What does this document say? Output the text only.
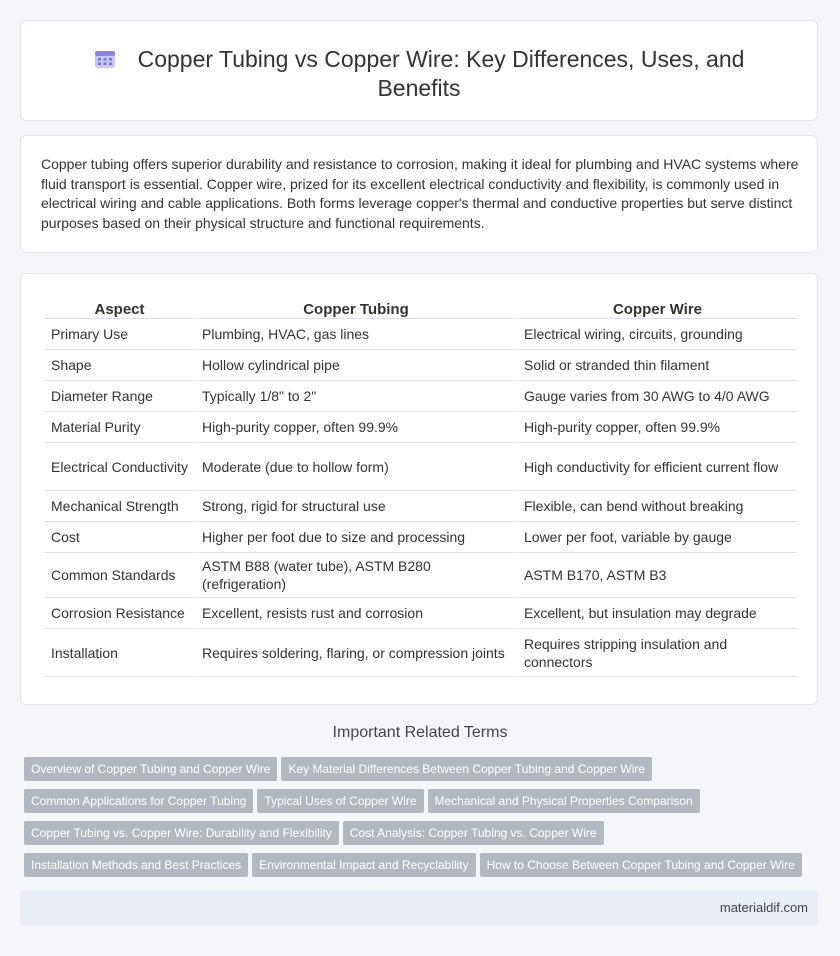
Copper Tubing vs Copper Wire: Key Differences, Uses, and Benefits
Copper tubing offers superior durability and resistance to corrosion, making it ideal for plumbing and HVAC systems where fluid transport is essential. Copper wire, prized for its excellent electrical conductivity and flexibility, is commonly used in electrical wiring and cable applications. Both forms leverage copper's thermal and conductive properties but serve distinct purposes based on their physical structure and functional requirements.
Aspect	Copper Tubing	Copper Wire
Primary Use	Plumbing, HVAC, gas lines	Electrical wiring, circuits, grounding
Shape	Hollow cylindrical pipe	Solid or stranded thin filament
Diameter Range	Typically 1/8" to 2"	Gauge varies from 30 AWG to 4/0 AWG
Material Purity	High-purity copper, often 99.9%	High-purity copper, often 99.9%
Electrical Conductivity	Moderate (due to hollow form)	High conductivity for efficient current flow
Mechanical Strength	Strong, rigid for structural use	Flexible, can bend without breaking
Cost	Higher per foot due to size and processing	Lower per foot, variable by gauge
Common Standards	ASTM B88 (water tube), ASTM B280 (refrigeration)	ASTM B170, ASTM B3
Corrosion Resistance	Excellent, resists rust and corrosion	Excellent, but insulation may degrade
Installation	Requires soldering, flaring, or compression joints	Requires stripping insulation and connectors
Important Related Terms
Overview of Copper Tubing and Copper Wire Key Material Differences Between Copper Tubing and Copper Wire
Common Applications for Copper Tubing Typical Uses of Copper Wire Mechanical and Physical Properties Comparison
Copper Tubing vs. Copper Wire: Durability and Flexibility Cost Analysis: Copper Tubing vs. Copper Wire
Installation Methods and Best Practices Environmental Impact and Recyclability How to Choose Between Copper Tubing and Copper Wire
materialdif.com
